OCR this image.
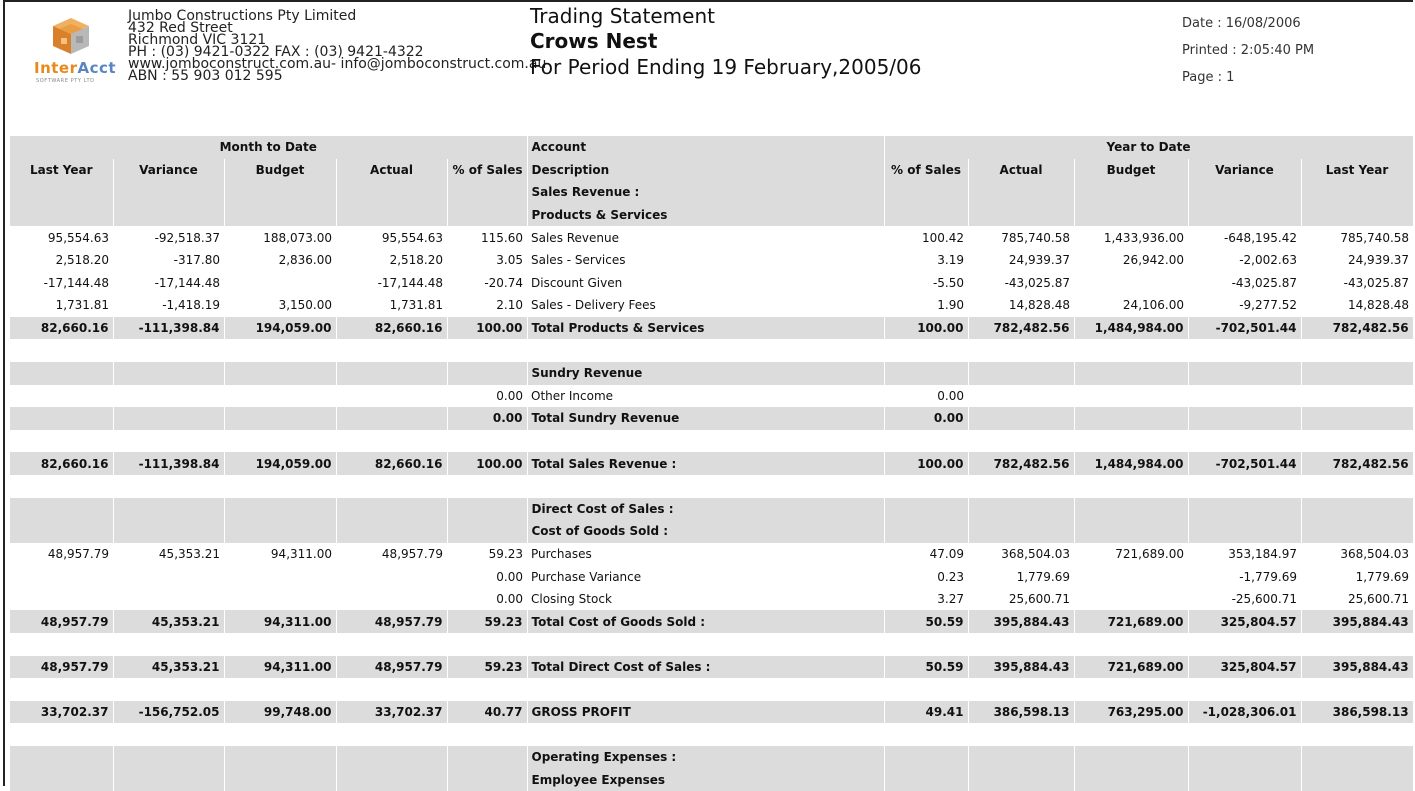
InterAcct
SOFTWARE PTY LTD
Jumbo Constructions Pty Limited
432 Red Street
Richmond VIC 3121
PH : (03) 9421-0322 FAX : (03) 9421-4322
www.jomboconstruct.com.au- info@jomboconstruct.com.au
ABN : 55 903 012 595
Trading Statement
Crows Nest
For Period Ending 19 February,2005/06
Date : 16/08/2006
Printed : 2:05:40 PM
Page : 1
Month to Date					Account	Year to Date				
Last Year	Variance	Budget	Actual	% of Sales	Description	% of Sales	Actual	Budget	Variance	Last Year
					Sales Revenue :					
					Products & Services					
95,554.63	-92,518.37	188,073.00	95,554.63	115.60	Sales Revenue	100.42	785,740.58	1,433,936.00	-648,195.42	785,740.58
2,518.20	-317.80	2,836.00	2,518.20	3.05	Sales - Services	3.19	24,939.37	26,942.00	-2,002.63	24,939.37
-17,144.48	-17,144.48		-17,144.48	-20.74	Discount Given	-5.50	-43,025.87		-43,025.87	-43,025.87
1,731.81	-1,418.19	3,150.00	1,731.81	2.10	Sales - Delivery Fees	1.90	14,828.48	24,106.00	-9,277.52	14,828.48
82,660.16	-111,398.84	194,059.00	82,660.16	100.00	Total Products & Services	100.00	782,482.56	1,484,984.00	-702,501.44	782,482.56

					Sundry Revenue					
				0.00	Other Income	0.00				
				0.00	Total Sundry Revenue	0.00				

82,660.16	-111,398.84	194,059.00	82,660.16	100.00	Total Sales Revenue :	100.00	782,482.56	1,484,984.00	-702,501.44	782,482.56

					Direct Cost of Sales :					
					Cost of Goods Sold :					
48,957.79	45,353.21	94,311.00	48,957.79	59.23	Purchases	47.09	368,504.03	721,689.00	353,184.97	368,504.03
				0.00	Purchase Variance	0.23	1,779.69		-1,779.69	1,779.69
				0.00	Closing Stock	3.27	25,600.71		-25,600.71	25,600.71
48,957.79	45,353.21	94,311.00	48,957.79	59.23	Total Cost of Goods Sold :	50.59	395,884.43	721,689.00	325,804.57	395,884.43

48,957.79	45,353.21	94,311.00	48,957.79	59.23	Total Direct Cost of Sales :	50.59	395,884.43	721,689.00	325,804.57	395,884.43

33,702.37	-156,752.05	99,748.00	33,702.37	40.77	GROSS PROFIT	49.41	386,598.13	763,295.00	-1,028,306.01	386,598.13

					Operating Expenses :					
					Employee Expenses					
